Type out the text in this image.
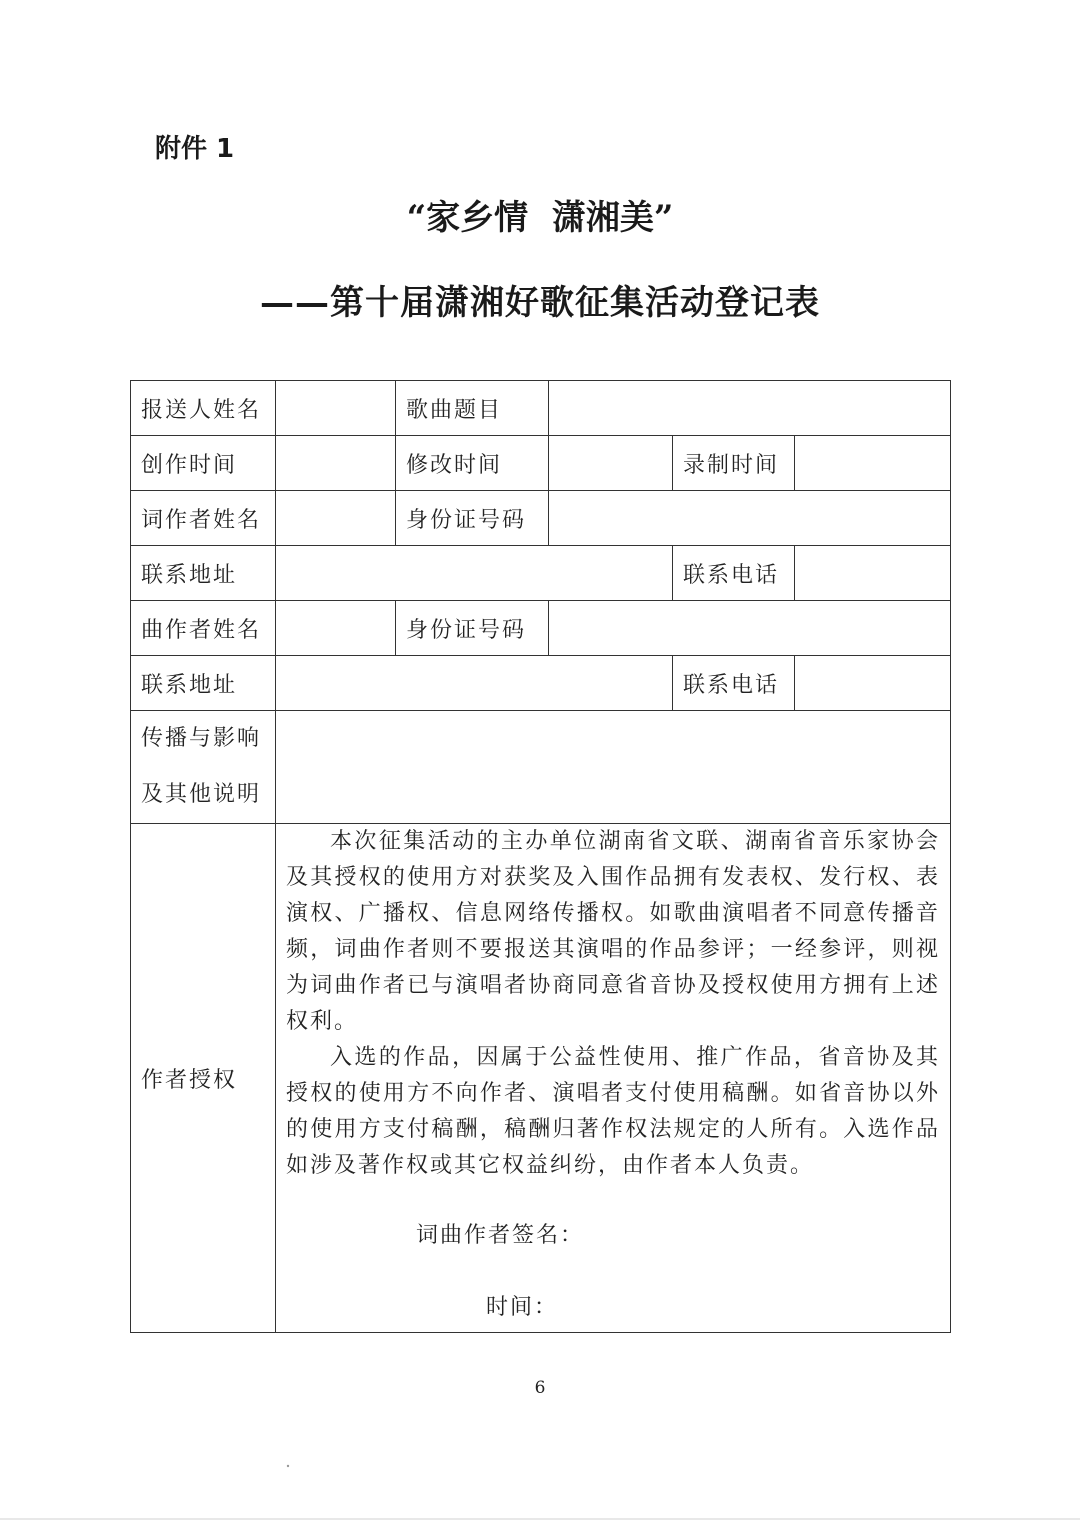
附件 1
“家乡情  潇湘美”
——第十届潇湘好歌征集活动登记表
报送人姓名		歌曲题目			
创作时间		修改时间		录制时间	
词作者姓名		身份证号码			
联系地址				联系电话	
曲作者姓名		身份证号码			
联系地址				联系电话	

传播与影响
及其他说明					

作者授权	本次征集活动的主办单位湖南省文联、湖南省音乐家协会及其授权的使用方对获奖及入围作品拥有发表权、发行权、表演权、广播权、信息网络传播权。如歌曲演唱者不同意传播音频，词曲作者则不要报送其演唱的作品参评；一经参评，则视为词曲作者已与演唱者协商同意省音协及授权使用方拥有上述权利。

入选的作品，因属于公益性使用、推广作品，省音协及其授权的使用方不向作者、演唱者支付使用稿酬。如省音协以外的使用方支付稿酬，稿酬归著作权法规定的人所有。入选作品如涉及著作权或其它权益纠纷，由作者本人负责。

词曲作者签名：
时间：				
6
